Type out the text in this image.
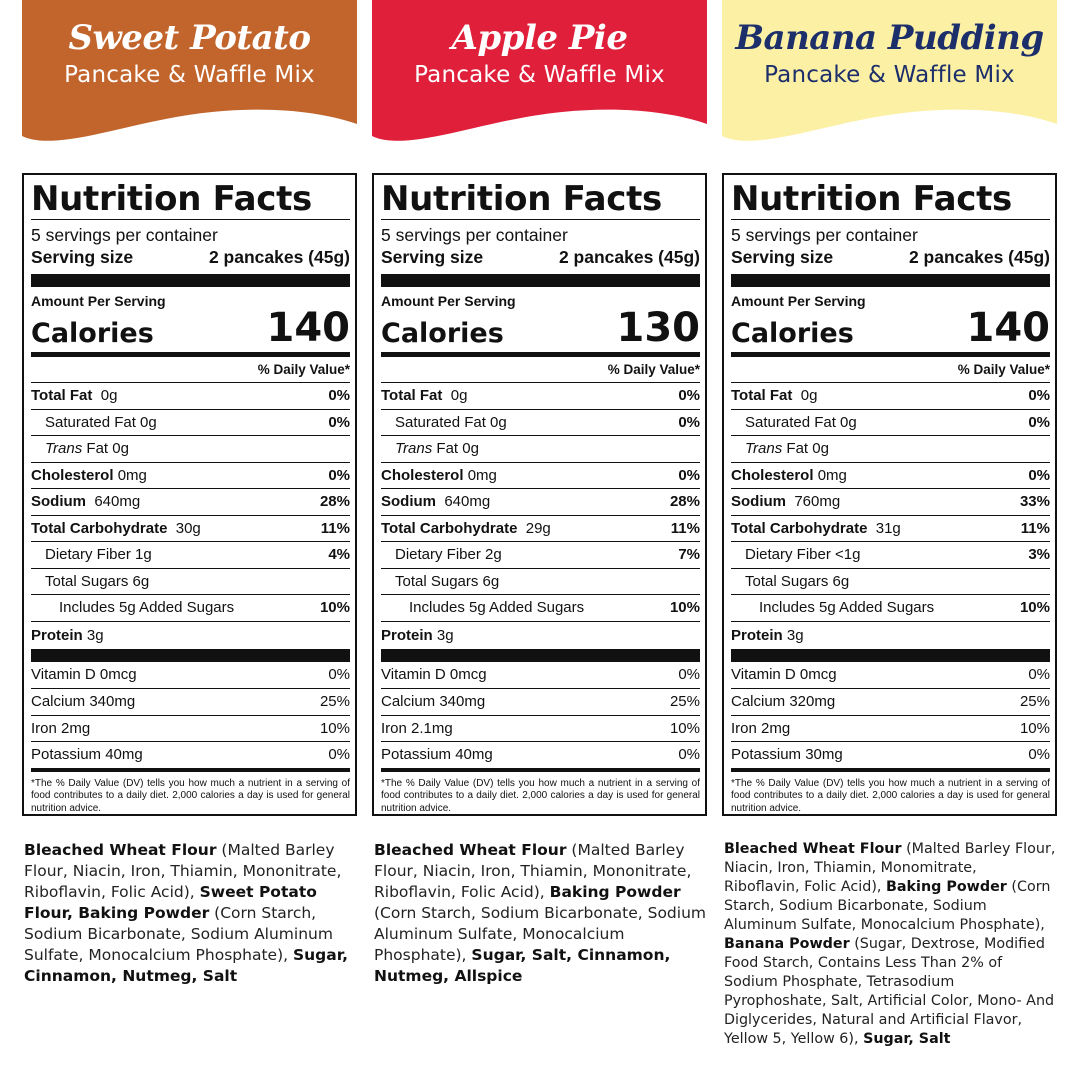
Sweet Potato
Pancake & Waffle Mix
Nutrition Facts
5 servings per container
Serving size	2 pancakes (45g)
Amount Per Serving
Calories	140
% Daily Value*
Total Fat 0g	0%
Saturated Fat 0g	0%
Trans Fat 0g
Cholesterol 0mg	0%
Sodium 640mg	28%
Total Carbohydrate 30g	11%
Dietary Fiber 1g	4%
Total Sugars 6g
Includes 5g Added Sugars	10%
Protein 3g
Vitamin D 0mcg	0%
Calcium 340mg	25%
Iron 2mg	10%
Potassium 40mg	0%
*The % Daily Value (DV) tells you how much a nutrient in a serving of food contributes to a daily diet. 2,000 calories a day is used for general nutrition advice.
Bleached Wheat Flour (Malted Barley Flour, Niacin, Iron, Thiamin, Mononitrate, Riboflavin, Folic Acid), Sweet Potato Flour, Baking Powder (Corn Starch, Sodium Bicarbonate, Sodium Aluminum Sulfate, Monocalcium Phosphate), Sugar, Cinnamon, Nutmeg, Salt
Apple Pie
Pancake & Waffle Mix
Nutrition Facts
5 servings per container
Serving size	2 pancakes (45g)
Amount Per Serving
Calories	130
% Daily Value*
Total Fat 0g	0%
Saturated Fat 0g	0%
Trans Fat 0g
Cholesterol 0mg	0%
Sodium 640mg	28%
Total Carbohydrate 29g	11%
Dietary Fiber 2g	7%
Total Sugars 6g
Includes 5g Added Sugars	10%
Protein 3g
Vitamin D 0mcg	0%
Calcium 340mg	25%
Iron 2.1mg	10%
Potassium 40mg	0%
*The % Daily Value (DV) tells you how much a nutrient in a serving of food contributes to a daily diet. 2,000 calories a day is used for general nutrition advice.
Bleached Wheat Flour (Malted Barley Flour, Niacin, Iron, Thiamin, Mononitrate, Riboflavin, Folic Acid), Baking Powder (Corn Starch, Sodium Bicarbonate, Sodium Aluminum Sulfate, Monocalcium Phosphate), Sugar, Salt, Cinnamon, Nutmeg, Allspice
Banana Pudding
Pancake & Waffle Mix
Nutrition Facts
5 servings per container
Serving size	2 pancakes (45g)
Amount Per Serving
Calories	140
% Daily Value*
Total Fat 0g	0%
Saturated Fat 0g	0%
Trans Fat 0g
Cholesterol 0mg	0%
Sodium 760mg	33%
Total Carbohydrate 31g	11%
Dietary Fiber <1g	3%
Total Sugars 6g
Includes 5g Added Sugars	10%
Protein 3g
Vitamin D 0mcg	0%
Calcium 320mg	25%
Iron 2mg	10%
Potassium 30mg	0%
*The % Daily Value (DV) tells you how much a nutrient in a serving of food contributes to a daily diet. 2,000 calories a day is used for general nutrition advice.
Bleached Wheat Flour (Malted Barley Flour, Niacin, Iron, Thiamin, Monomitrate, Riboflavin, Folic Acid), Baking Powder (Corn Starch, Sodium Bicarbonate, Sodium Aluminum Sulfate, Monocalcium Phosphate), Banana Powder (Sugar, Dextrose, Modified Food Starch, Contains Less Than 2% of Sodium Phosphate, Tetrasodium Pyrophoshate, Salt, Artificial Color, Mono- And Diglycerides, Natural and Artificial Flavor, Yellow 5, Yellow 6), Sugar, Salt
